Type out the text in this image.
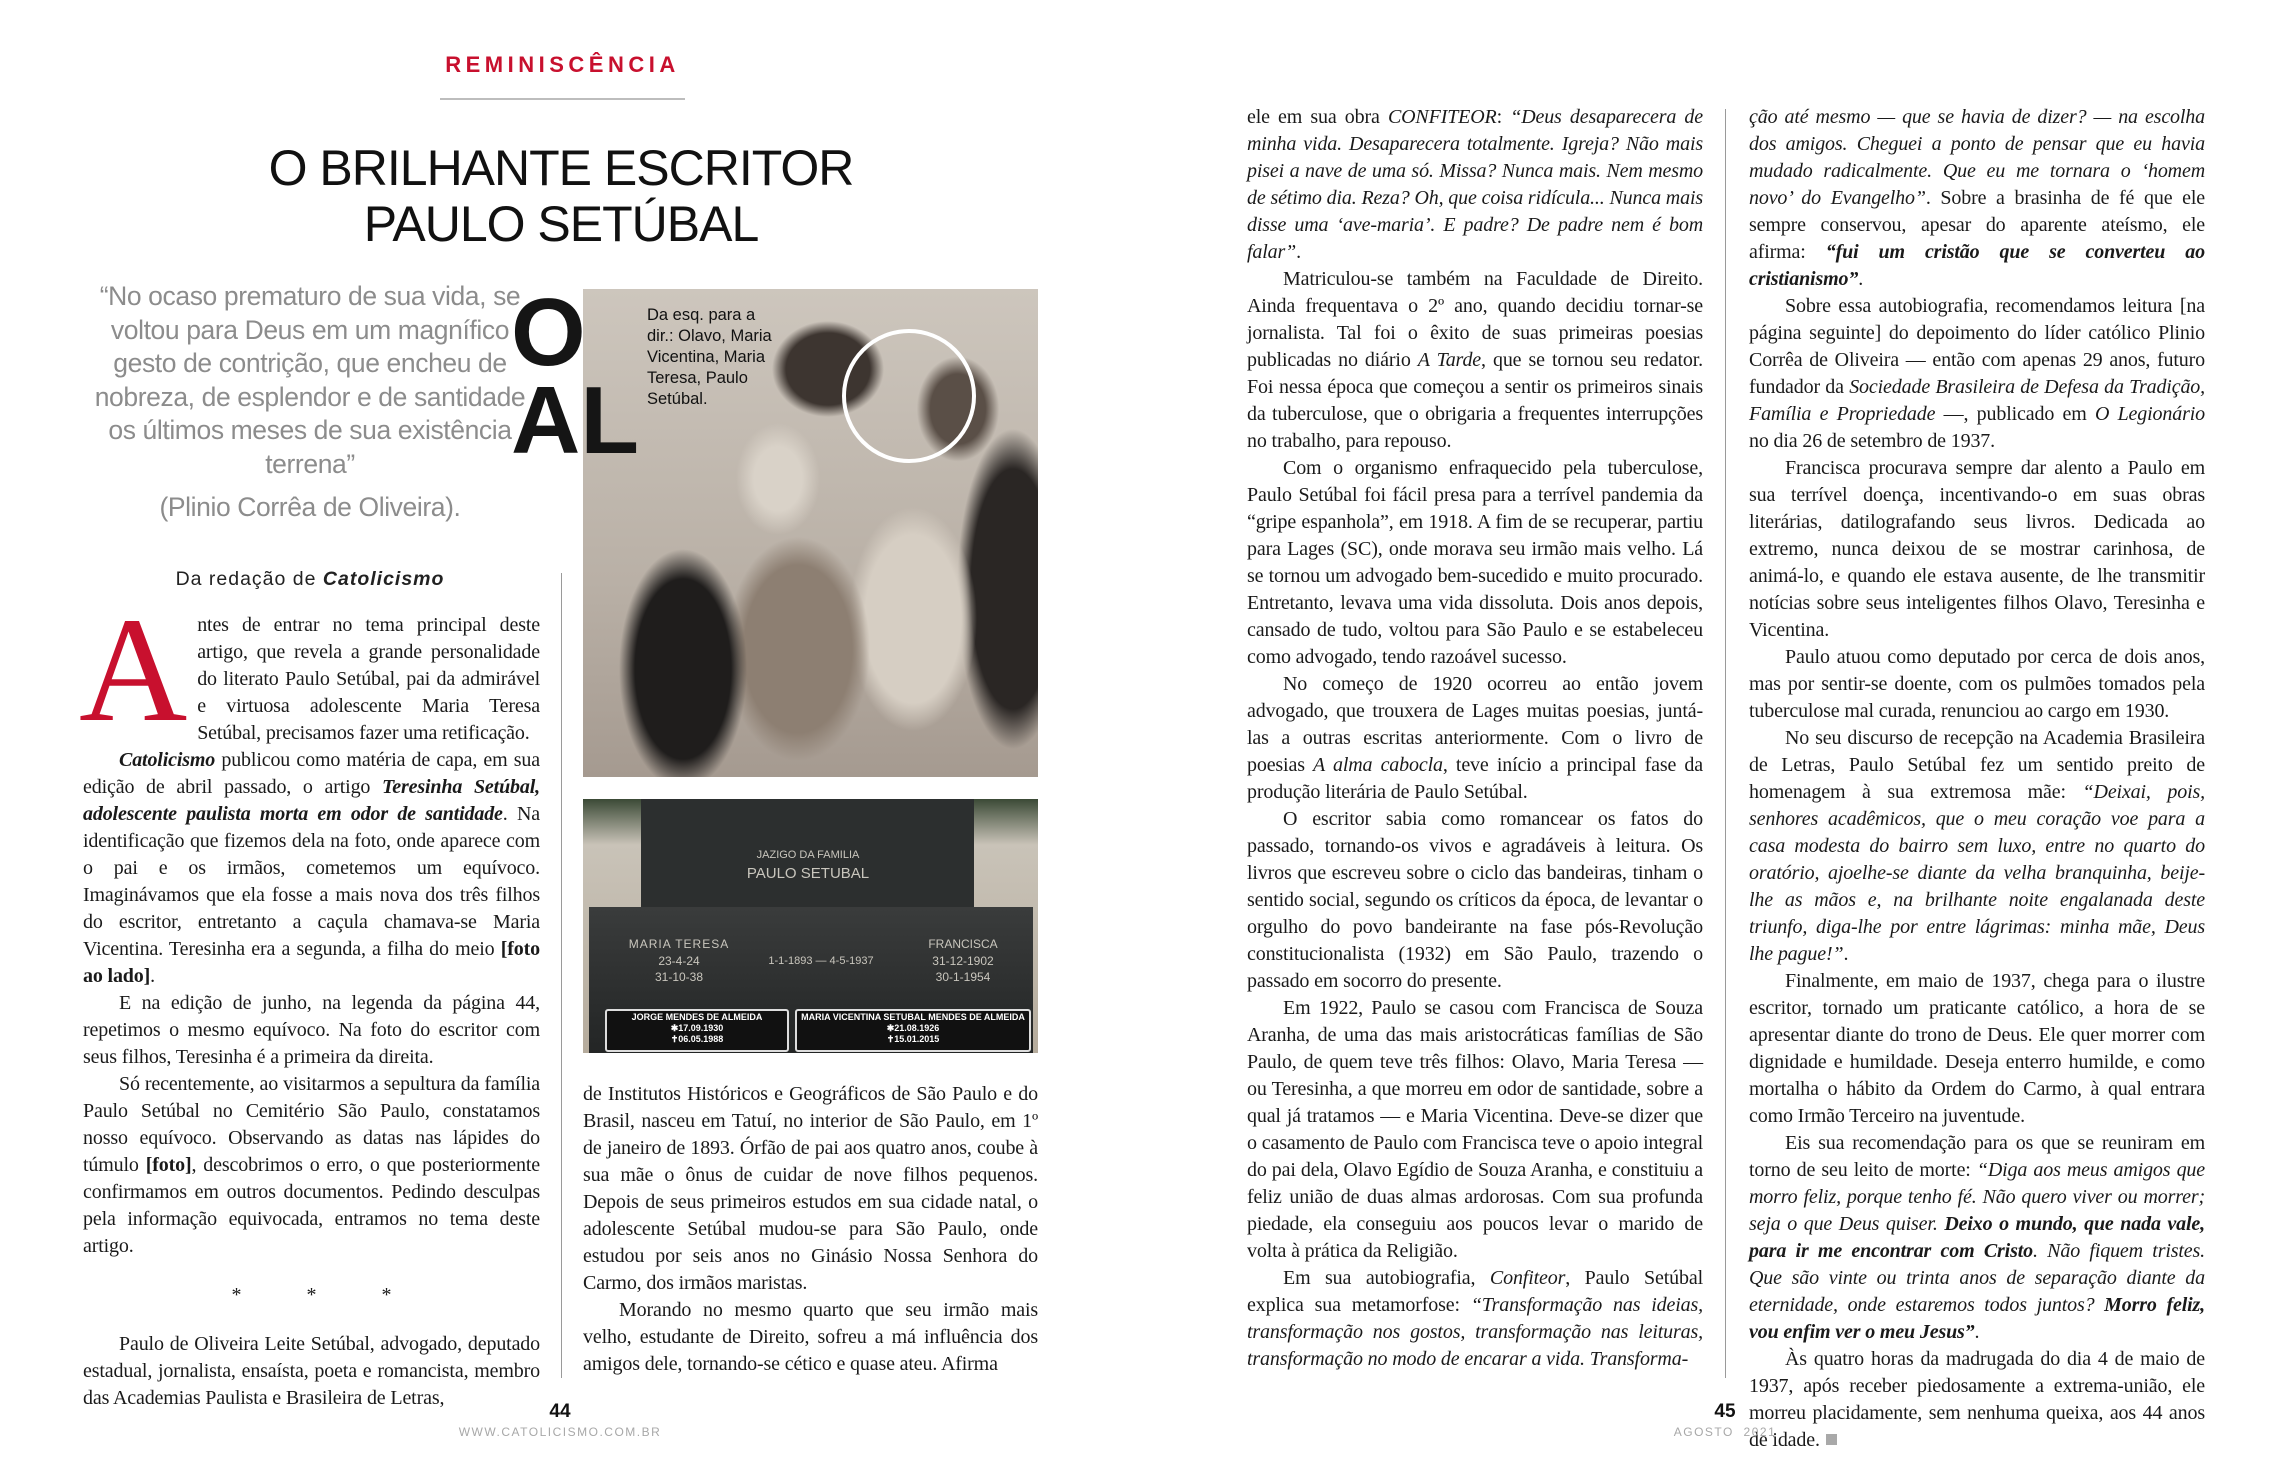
REMINISCÊNCIA
O BRILHANTE ESCRITOR
PAULO SETÚBAL
“No ocaso prematuro de sua vida, se voltou para Deus em um magnífico gesto de contrição, que encheu de nobreza, de esplendor e de santidade os últimos meses de sua existência terrena”
(Plinio Corrêa de Oliveira).
Da redação de Catolicismo

Antes de entrar no tema principal deste artigo, que revela a grande personalidade do literato Paulo Setúbal, pai da admirável e virtuosa adolescente Maria Teresa Setúbal, precisamos fazer uma retificação.

Catolicismo publicou como matéria de capa, em sua edição de abril passado, o artigo Teresinha Setúbal, adolescente paulista morta em odor de santidade. Na identificação que fizemos dela na foto, onde aparece com o pai e os irmãos, cometemos um equívoco. Imaginávamos que ela fosse a mais nova dos três filhos do escritor, entretanto a caçula chamava-se Maria Vicentina. Teresinha era a segunda, a filha do meio [foto ao lado].

E na edição de junho, na legenda da página 44, repetimos o mesmo equívoco. Na foto do escritor com seus filhos, Teresinha é a primeira da direita.

Só recentemente, ao visitarmos a sepultura da família Paulo Setúbal no Cemitério São Paulo, constatamos nosso equívoco. Observando as datas nas lápides do túmulo [foto], descobrimos o erro, o que posteriormente confirmamos em outros documentos. Pedindo desculpas pela informação equivocada, entramos no tema deste artigo.

* * *

Paulo de Oliveira Leite Setúbal, advogado, deputado estadual, jornalista, ensaísta, poeta e romancista, membro das Academias Paulista e Brasileira de Letras,

de Institutos Históricos e Geográficos de São Paulo e do Brasil, nasceu em Tatuí, no interior de São Paulo, em 1º de janeiro de 1893. Órfão de pai aos quatro anos, coube à sua mãe o ônus de cuidar de nove filhos pequenos. Depois de seus primeiros estudos em sua cidade natal, o adolescente Setúbal mudou-se para São Paulo, onde estudou por seis anos no Ginásio Nossa Senhora do Carmo, dos irmãos maristas.

Morando no mesmo quarto que seu irmão mais velho, estudante de Direito, sofreu a má influência dos amigos dele, tornando-se cético e quase ateu. Afirma

ele em sua obra CONFITEOR: “Deus desaparecera de minha vida. Desaparecera totalmente. Igreja? Não mais pisei a nave de uma só. Missa? Nunca mais. Nem mesmo de sétimo dia. Reza? Oh, que coisa ridícula... Nunca mais disse uma ‘ave-maria’. E padre? De padre nem é bom falar”.

Matriculou-se também na Faculdade de Direito. Ainda frequentava o 2º ano, quando decidiu tornar-se jornalista. Tal foi o êxito de suas primeiras poesias publicadas no diário A Tarde, que se tornou seu redator. Foi nessa época que começou a sentir os primeiros sinais da tuberculose, que o obrigaria a frequentes interrupções no trabalho, para repouso.

Com o organismo enfraquecido pela tuberculose, Paulo Setúbal foi fácil presa para a terrível pandemia da “gripe espanhola”, em 1918. A fim de se recuperar, partiu para Lages (SC), onde morava seu irmão mais velho. Lá se tornou um advogado bem-sucedido e muito procurado. Entretanto, levava uma vida dissoluta. Dois anos depois, cansado de tudo, voltou para São Paulo e se estabeleceu como advogado, tendo razoável sucesso.

No começo de 1920 ocorreu ao então jovem advogado, que trouxera de Lages muitas poesias, juntá-las a outras escritas anteriormente. Com o livro de poesias A alma cabocla, teve início a principal fase da produção literária de Paulo Setúbal.

O escritor sabia como romancear os fatos do passado, tornando-os vivos e agradáveis à leitura. Os livros que escreveu sobre o ciclo das bandeiras, tinham o sentido social, segundo os críticos da época, de levantar o orgulho do povo bandeirante na fase pós-Revolução constitucionalista (1932) em São Paulo, trazendo o passado em socorro do presente.

Em 1922, Paulo se casou com Francisca de Souza Aranha, de uma das mais aristocráticas famílias de São Paulo, de quem teve três filhos: Olavo, Maria Teresa — ou Teresinha, a que morreu em odor de santidade, sobre a qual já tratamos — e Maria Vicentina. Deve-se dizer que o casamento de Paulo com Francisca teve o apoio integral do pai dela, Olavo Egídio de Souza Aranha, e constituiu a feliz união de duas almas ardorosas. Com sua profunda piedade, ela conseguiu aos poucos levar o marido de volta à prática da Religião.

Em sua autobiografia, Confiteor, Paulo Setúbal explica sua metamorfose: “Transformação nas ideias, transformação nos gostos, transformação nas leituras, transformação no modo de encarar a vida. Transforma-

ção até mesmo — que se havia de dizer? — na escolha dos amigos. Cheguei a ponto de pensar que eu havia mudado radicalmente. Que eu me tornara o ‘homem novo’ do Evangelho”. Sobre a brasinha de fé que ele sempre conservou, apesar do aparente ateísmo, ele afirma: “fui um cristão que se converteu ao cristianismo”.

Sobre essa autobiografia, recomendamos leitura [na página seguinte] do depoimento do líder católico Plinio Corrêa de Oliveira — então com apenas 29 anos, futuro fundador da Sociedade Brasileira de Defesa da Tradição, Família e Propriedade —, publicado em O Legionário no dia 26 de setembro de 1937.

Francisca procurava sempre dar alento a Paulo em sua terrível doença, incentivando-o em suas obras literárias, datilografando seus livros. Dedicada ao extremo, nunca deixou de se mostrar carinhosa, de animá-lo, e quando ele estava ausente, de lhe transmitir notícias sobre seus inteligentes filhos Olavo, Teresinha e Vicentina.

Paulo atuou como deputado por cerca de dois anos, mas por sentir-se doente, com os pulmões tomados pela tuberculose mal curada, renunciou ao cargo em 1930.

No seu discurso de recepção na Academia Brasileira de Letras, Paulo Setúbal fez um sentido preito de homenagem à sua extremosa mãe: “Deixai, pois, senhores acadêmicos, que o meu coração voe para a casa modesta do bairro sem luxo, entre no quarto do oratório, ajoelhe-se diante da velha branquinha, beije-lhe as mãos e, na brilhante noite engalanada deste triunfo, diga-lhe por entre lágrimas: minha mãe, Deus lhe pague!”.

Finalmente, em maio de 1937, chega para o ilustre escritor, tornado um praticante católico, a hora de se apresentar diante do trono de Deus. Ele quer morrer com dignidade e humildade. Deseja enterro humilde, e como mortalha o hábito da Ordem do Carmo, à qual entrara como Irmão Terceiro na juventude.

Eis sua recomendação para os que se reuniram em torno de seu leito de morte: “Diga aos meus amigos que morro feliz, porque tenho fé. Não quero viver ou morrer; seja o que Deus quiser. Deixo o mundo, que nada vale, para ir me encontrar com Cristo. Não fiquem tristes. Que são vinte ou trinta anos de separação diante da eternidade, onde estaremos todos juntos? Morro feliz, vou enfim ver o meu Jesus”.

Às quatro horas da madrugada do dia 4 de maio de 1937, após receber piedosamente a extrema-união, ele morreu placidamente, sem nenhuma queixa, aos 44 anos de idade.

O
AL
Da esq. para a dir.: Olavo, Maria Vicentina, Maria Teresa, Paulo Setúbal.
JAZIGO DA FAMILIA
PAULO SETUBAL
MARIA TERESA
23-4-24
31-10-38
1-1-1893 — 4-5-1937
FRANCISCA
31-12-1902
30-1-1954
JORGE MENDES DE ALMEIDA
✱17.09.1930
✝06.05.1988
MARIA VICENTINA SETUBAL MENDES DE ALMEIDA
✱21.08.1926
✝15.01.2015
44
WWW.CATOLICISMO.COM.BR
45
AGOSTO  2021
